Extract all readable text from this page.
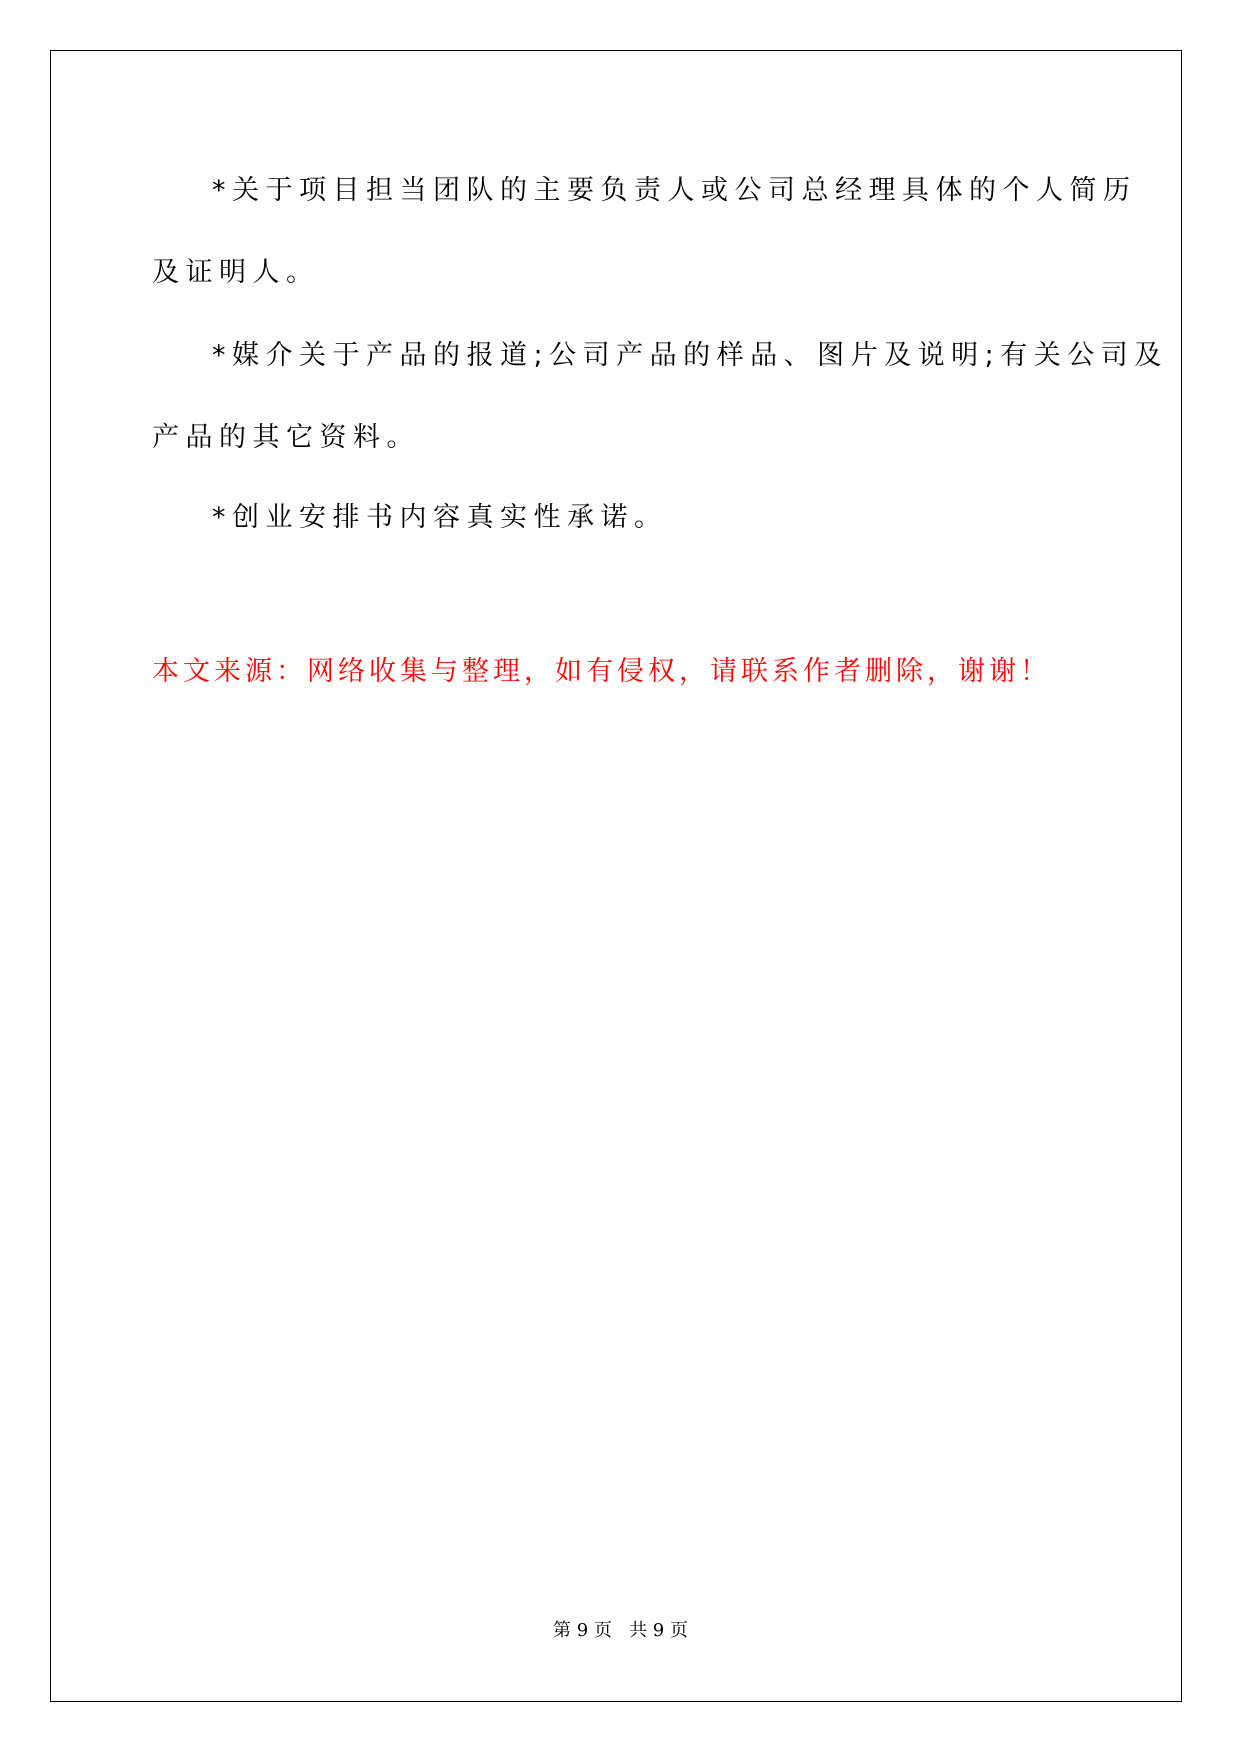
*关于项目担当团队的主要负责人或公司总经理具体的个人简历
及证明人。
*媒介关于产品的报道;公司产品的样品、图片及说明;有关公司及
产品的其它资料。
*创业安排书内容真实性承诺。
本文来源：网络收集与整理，如有侵权，请联系作者删除，谢谢！
第 9 页 共 9 页
